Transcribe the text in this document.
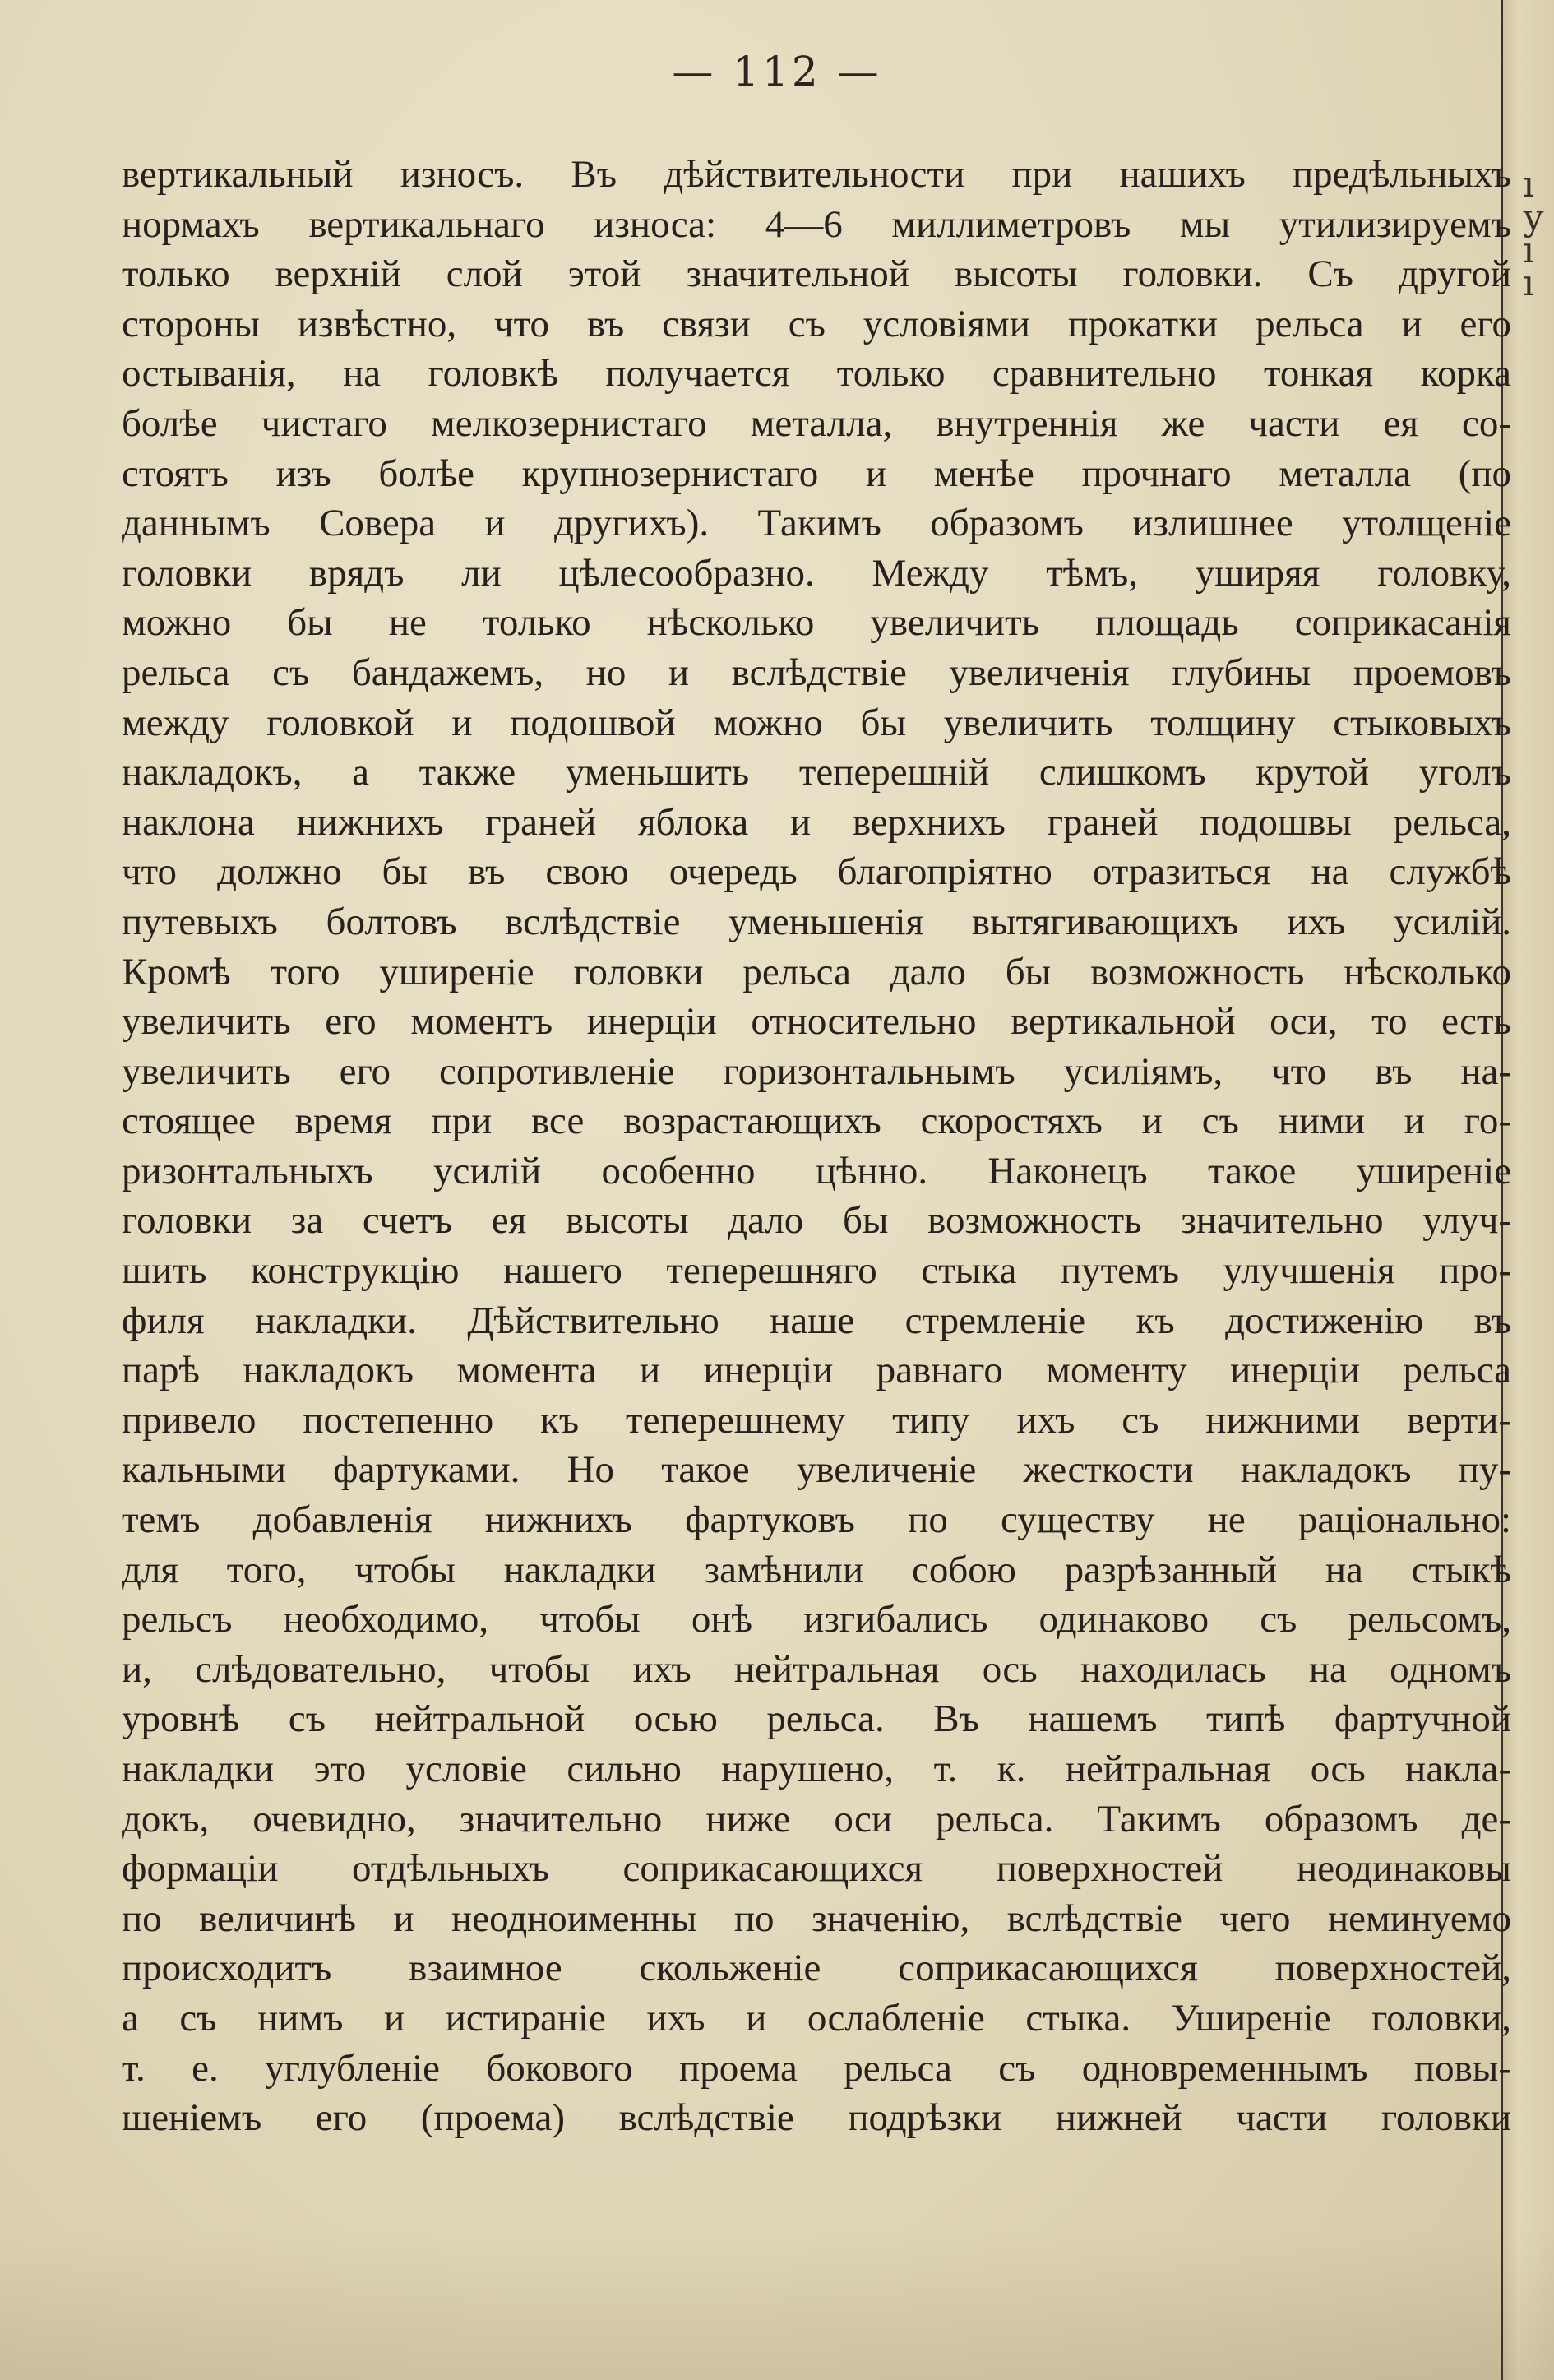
ı
у
ı
ı
— 112 —
вертикальный износъ. Въ дѣйствительности при нашихъ предѣльныхъ
нормахъ вертикальнаго износа: 4—6 миллиметровъ мы утилизируемъ
только верхній слой этой значительной высоты головки. Съ другой
стороны извѣстно, что въ связи съ условіями прокатки рельса и его
остыванія, на головкѣ получается только сравнительно тонкая корка
болѣе чистаго мелкозернистаго металла, внутреннія же части ея со-
стоятъ изъ болѣе крупнозернистаго и менѣе прочнаго металла (по
даннымъ Совера и другихъ). Такимъ образомъ излишнее утолщеніе
головки врядъ ли цѣлесообразно. Между тѣмъ, уширяя головку,
можно бы не только нѣсколько увеличить площадь соприкасанія
рельса съ бандажемъ, но и вслѣдствіе увеличенія глубины проемовъ
между головкой и подошвой можно бы увеличить толщину стыковыхъ
накладокъ, а также уменьшить теперешній слишкомъ крутой уголъ
наклона нижнихъ граней яблока и верхнихъ граней подошвы рельса,
что должно бы въ свою очередь благопріятно отразиться на службѣ
путевыхъ болтовъ вслѣдствіе уменьшенія вытягивающихъ ихъ усилій.
Кромѣ того уширеніе головки рельса дало бы возможность нѣсколько
увеличить его моментъ инерціи относительно вертикальной оси, то есть
увеличить его сопротивленіе горизонтальнымъ усиліямъ, что въ на-
стоящее время при все возрастающихъ скоростяхъ и съ ними и го-
ризонтальныхъ усилій особенно цѣнно. Наконецъ такое уширеніе
головки за счетъ ея высоты дало бы возможность значительно улуч-
шить конструкцію нашего теперешняго стыка путемъ улучшенія про-
филя накладки. Дѣйствительно наше стремленіе къ достиженію въ
парѣ накладокъ момента и инерціи равнаго моменту инерціи рельса
привело постепенно къ теперешнему типу ихъ съ нижними верти-
кальными фартуками. Но такое увеличеніе жесткости накладокъ пу-
темъ добавленія нижнихъ фартуковъ по существу не раціонально:
для того, чтобы накладки замѣнили собою разрѣзанный на стыкѣ
рельсъ необходимо, чтобы онѣ изгибались одинаково съ рельсомъ,
и, слѣдовательно, чтобы ихъ нейтральная ось находилась на одномъ
уровнѣ съ нейтральной осью рельса. Въ нашемъ типѣ фартучной
накладки это условіе сильно нарушено, т. к. нейтральная ось накла-
докъ, очевидно, значительно ниже оси рельса. Такимъ образомъ де-
формаціи отдѣльныхъ соприкасающихся поверхностей неодинаковы
по величинѣ и неодноименны по значенію, вслѣдствіе чего неминуемо
происходитъ взаимное скольженіе соприкасающихся поверхностей,
а съ нимъ и истираніе ихъ и ослабленіе стыка. Уширеніе головки,
т. е. углубленіе бокового проема рельса съ одновременнымъ повы-
шеніемъ его (проема) вслѣдствіе подрѣзки нижней части головки
